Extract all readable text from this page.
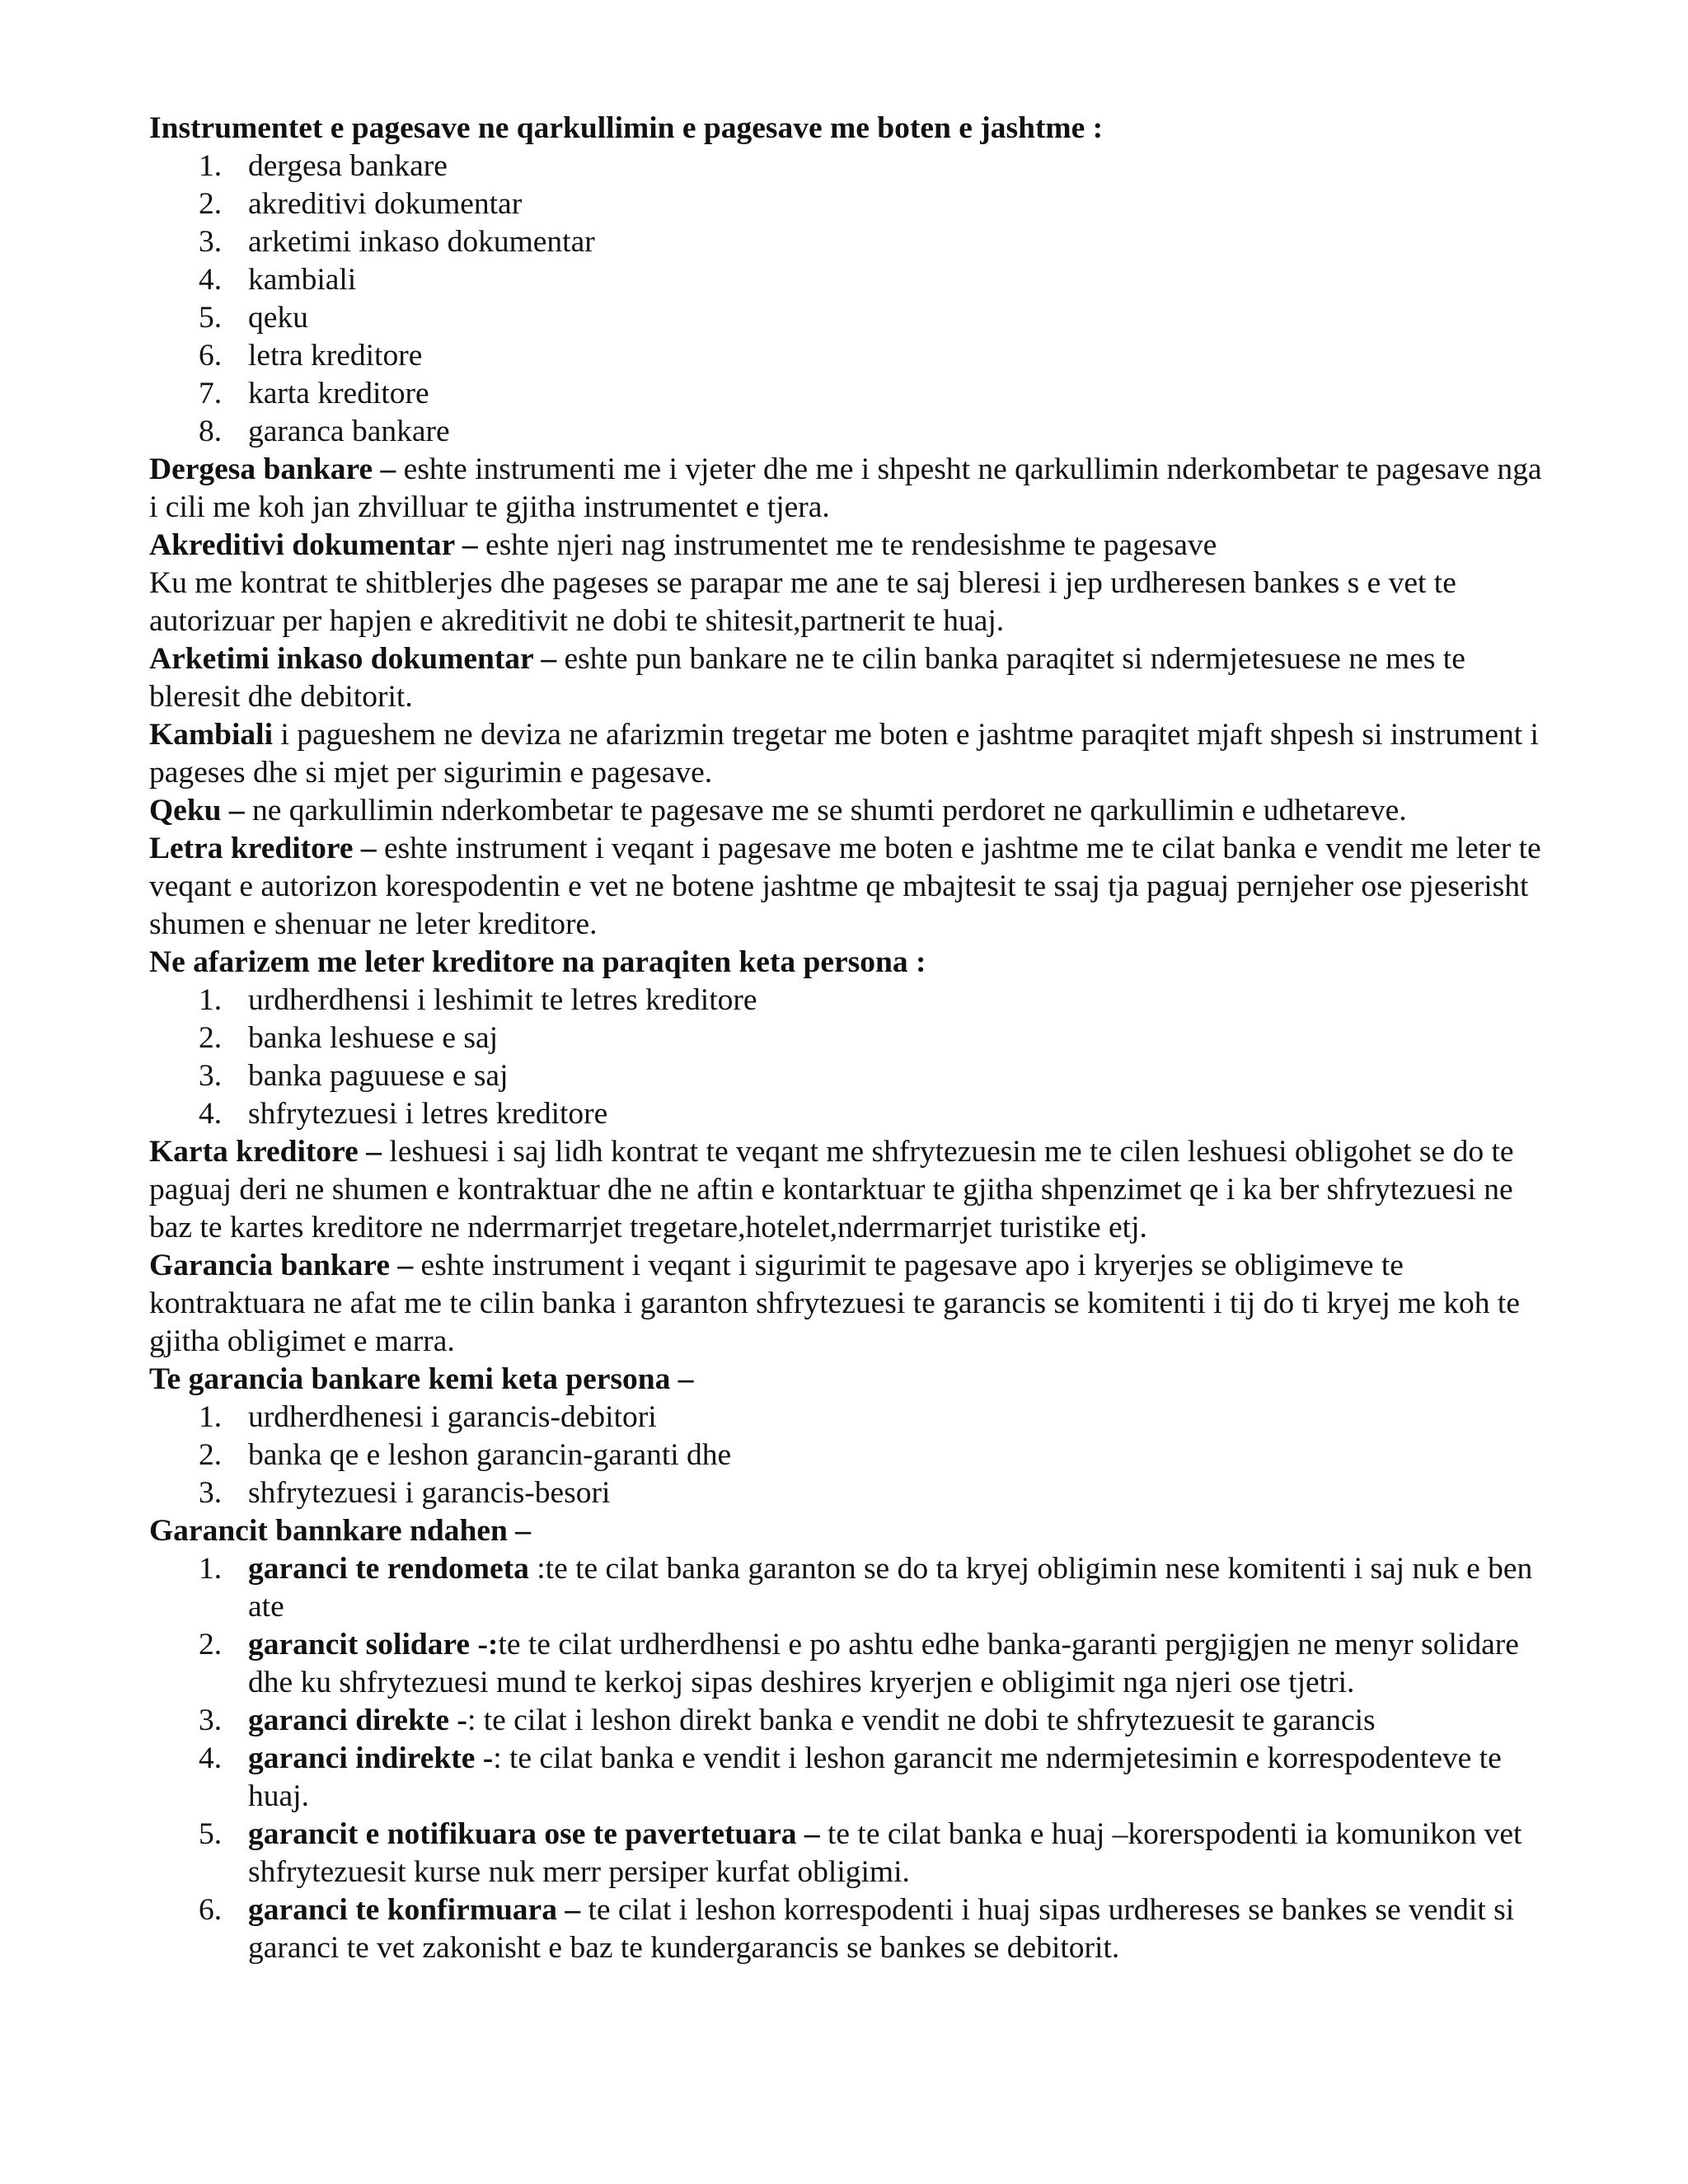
Instrumentet e pagesave ne qarkullimin e pagesave me boten e jashtme :

1. dergesa bankare
2. akreditivi dokumentar
3. arketimi inkaso dokumentar
4. kambiali
5. qeku
6. letra kreditore
7. karta kreditore
8. garanca bankare

Dergesa bankare – eshte instrumenti me i vjeter dhe me i shpesht ne qarkullimin nderkombetar te pagesave nga i cili me koh jan zhvilluar te gjitha instrumentet e tjera.

Akreditivi dokumentar – eshte njeri nag instrumentet me te rendesishme te pagesave

Ku me kontrat te shitblerjes dhe pageses se parapar me ane te saj bleresi i jep urdheresen bankes s e vet te autorizuar per hapjen e akreditivit ne dobi te shitesit,partnerit te huaj.

Arketimi inkaso dokumentar – eshte pun bankare ne te cilin banka paraqitet si ndermjetesuese ne mes te bleresit dhe debitorit.

Kambiali i pagueshem ne deviza ne afarizmin tregetar me boten e jashtme paraqitet mjaft shpesh si instrument i pageses dhe si mjet per sigurimin e pagesave.

Qeku – ne qarkullimin nderkombetar te pagesave me se shumti perdoret ne qarkullimin e udhetareve.

Letra kreditore – eshte instrument i veqant i pagesave me boten e jashtme me te cilat banka e vendit me leter te veqant e autorizon korespodentin e vet ne botene jashtme qe mbajtesit te ssaj tja paguaj pernjeher ose pjeserisht shumen e shenuar ne leter kreditore.

Ne afarizem me leter kreditore na paraqiten keta persona :

1. urdherdhensi i leshimit te letres kreditore
2. banka leshuese e saj
3. banka paguuese e saj
4. shfrytezuesi i letres kreditore

Karta kreditore – leshuesi i saj lidh kontrat te veqant me shfrytezuesin me te cilen leshuesi obligohet se do te paguaj deri ne shumen e kontraktuar dhe ne aftin e kontarktuar te gjitha shpenzimet qe i ka ber shfrytezuesi ne baz te kartes kreditore ne nderrmarrjet tregetare,hotelet,nderrmarrjet turistike etj.

Garancia bankare – eshte instrument i veqant i sigurimit te pagesave apo i kryerjes se obligimeve te kontraktuara ne afat me te cilin banka i garanton shfrytezuesi te garancis se komitenti i tij do ti kryej me koh te gjitha obligimet e marra.

Te garancia bankare kemi keta persona –

1. urdherdhenesi i garancis-debitori
2. banka qe e leshon garancin-garanti dhe
3. shfrytezuesi i garancis-besori

Garancit bannkare ndahen –

1. garanci te rendometa :te te cilat banka garanton se do ta kryej obligimin nese komitenti i saj nuk e ben ate
2. garancit solidare -:te te cilat urdherdhensi e po ashtu edhe banka-garanti pergjigjen ne menyr solidare dhe ku shfrytezuesi mund te kerkoj sipas deshires kryerjen e obligimit nga njeri ose tjetri.
3. garanci direkte -: te cilat i leshon direkt banka e vendit ne dobi te shfrytezuesit te garancis
4. garanci indirekte -: te cilat banka e vendit i leshon garancit me ndermjetesimin e korrespodenteve te huaj.
5. garancit e notifikuara ose te pavertetuara – te te cilat banka e huaj –korerspodenti ia komunikon vet shfrytezuesit kurse nuk merr persiper kurfat obligimi.
6. garanci te konfirmuara – te cilat i leshon korrespodenti i huaj sipas urdhereses se bankes se vendit si garanci te vet zakonisht e baz te kundergarancis se bankes se debitorit.
